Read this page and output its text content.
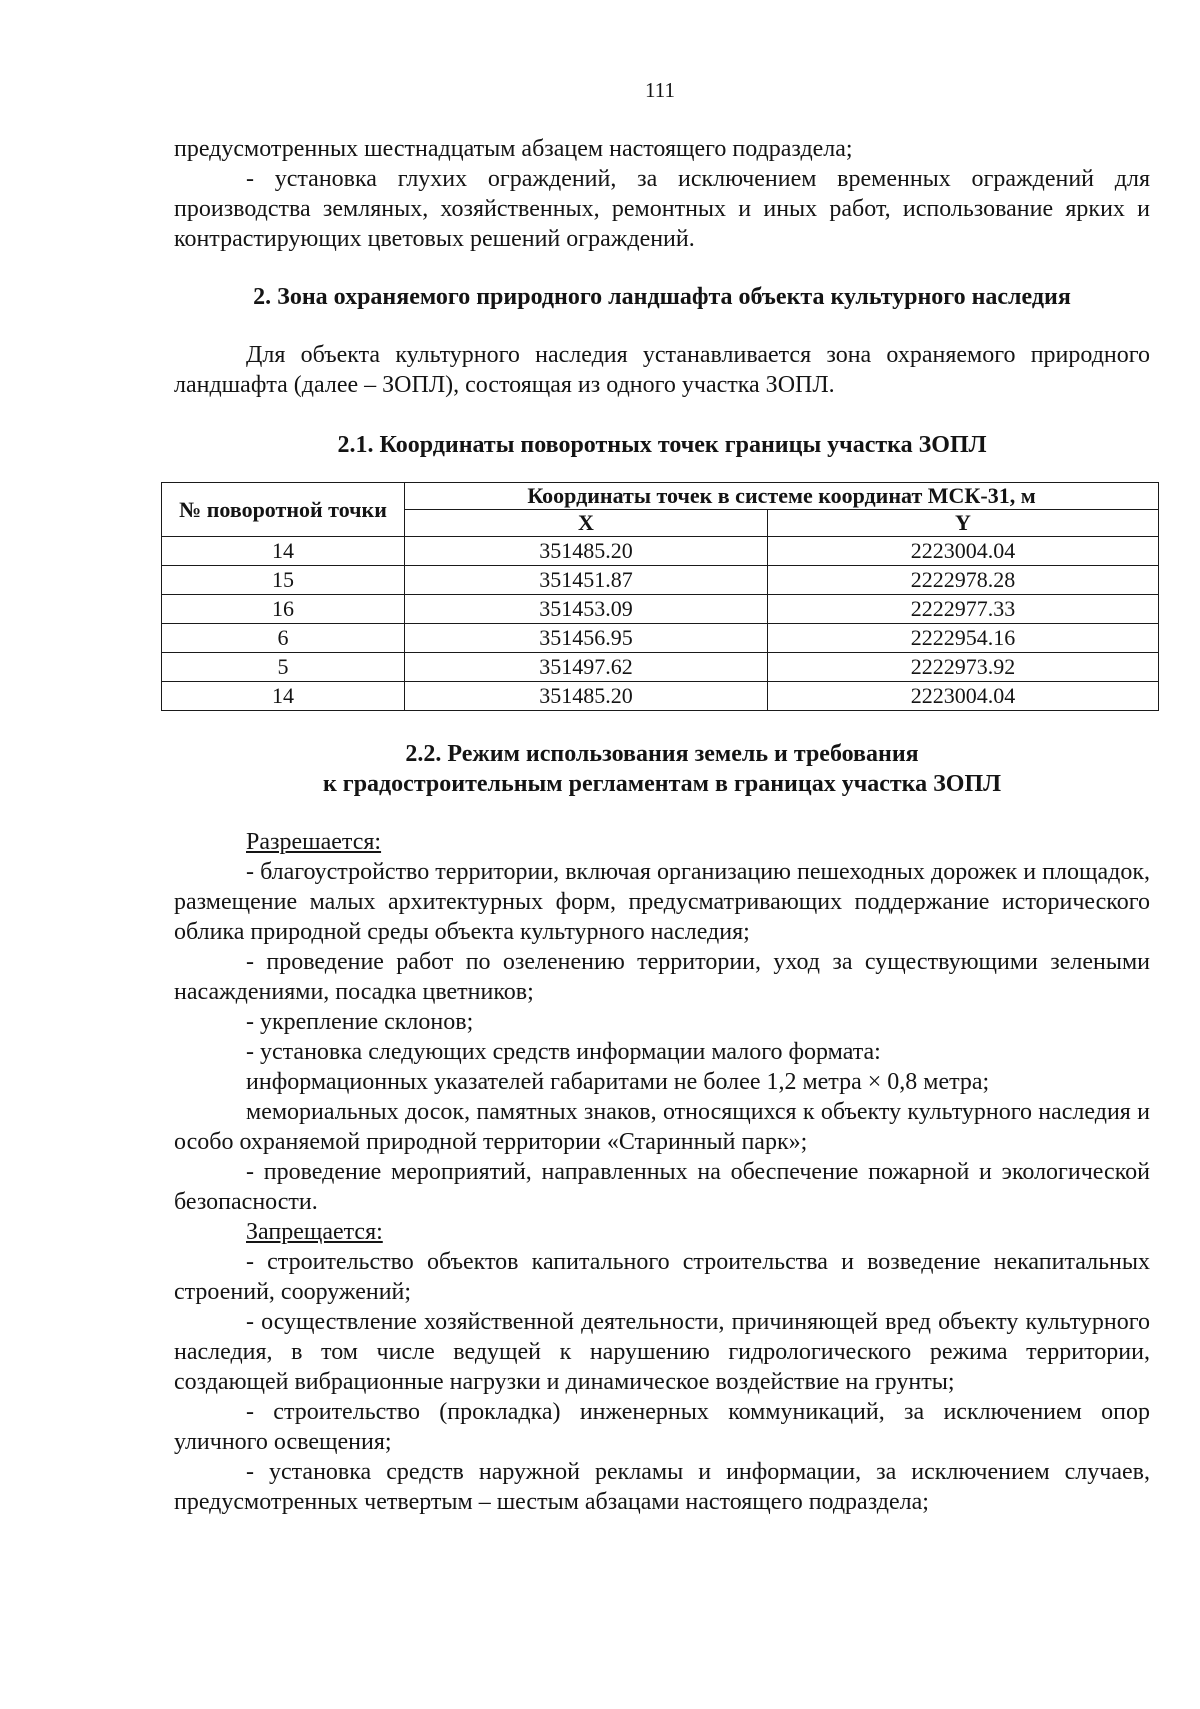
111

предусмотренных шестнадцатым абзацем настоящего подраздела;

- установка глухих ограждений, за исключением временных ограждений для производства земляных, хозяйственных, ремонтных и иных работ, использование ярких и контрастирующих цветовых решений ограждений.

2. Зона охраняемого природного ландшафта объекта культурного наследия

Для объекта культурного наследия устанавливается зона охраняемого природного ландшафта (далее – ЗОПЛ), состоящая из одного участка ЗОПЛ.

2.1. Координаты поворотных точек границы участка ЗОПЛ

№ поворотной точки	Координаты точек в системе координат МСК-31, м	
	X	Y
14	351485.20	2223004.04
15	351451.87	2222978.28
16	351453.09	2222977.33
6	351456.95	2222954.16
5	351497.62	2222973.92
14	351485.20	2223004.04

2.2. Режим использования земель и требования

к градостроительным регламентам в границах участка ЗОПЛ

Разрешается:

- благоустройство территории, включая организацию пешеходных дорожек и площадок, размещение малых архитектурных форм, предусматривающих поддержание исторического облика природной среды объекта культурного наследия;

- проведение работ по озеленению территории, уход за существующими зелеными насаждениями, посадка цветников;

- укрепление склонов;

- установка следующих средств информации малого формата:

информационных указателей габаритами не более 1,2 метра × 0,8 метра;

мемориальных досок, памятных знаков, относящихся к объекту культурного наследия и особо охраняемой природной территории «Старинный парк»;

- проведение мероприятий, направленных на обеспечение пожарной и экологической безопасности.

Запрещается:

- строительство объектов капитального строительства и возведение некапитальных строений, сооружений;

- осуществление хозяйственной деятельности, причиняющей вред объекту культурного наследия, в том числе ведущей к нарушению гидрологического режима территории, создающей вибрационные нагрузки и динамическое воздействие на грунты;

- строительство (прокладка) инженерных коммуникаций, за исключением опор уличного освещения;

- установка средств наружной рекламы и информации, за исключением случаев, предусмотренных четвертым – шестым абзацами настоящего подраздела;
